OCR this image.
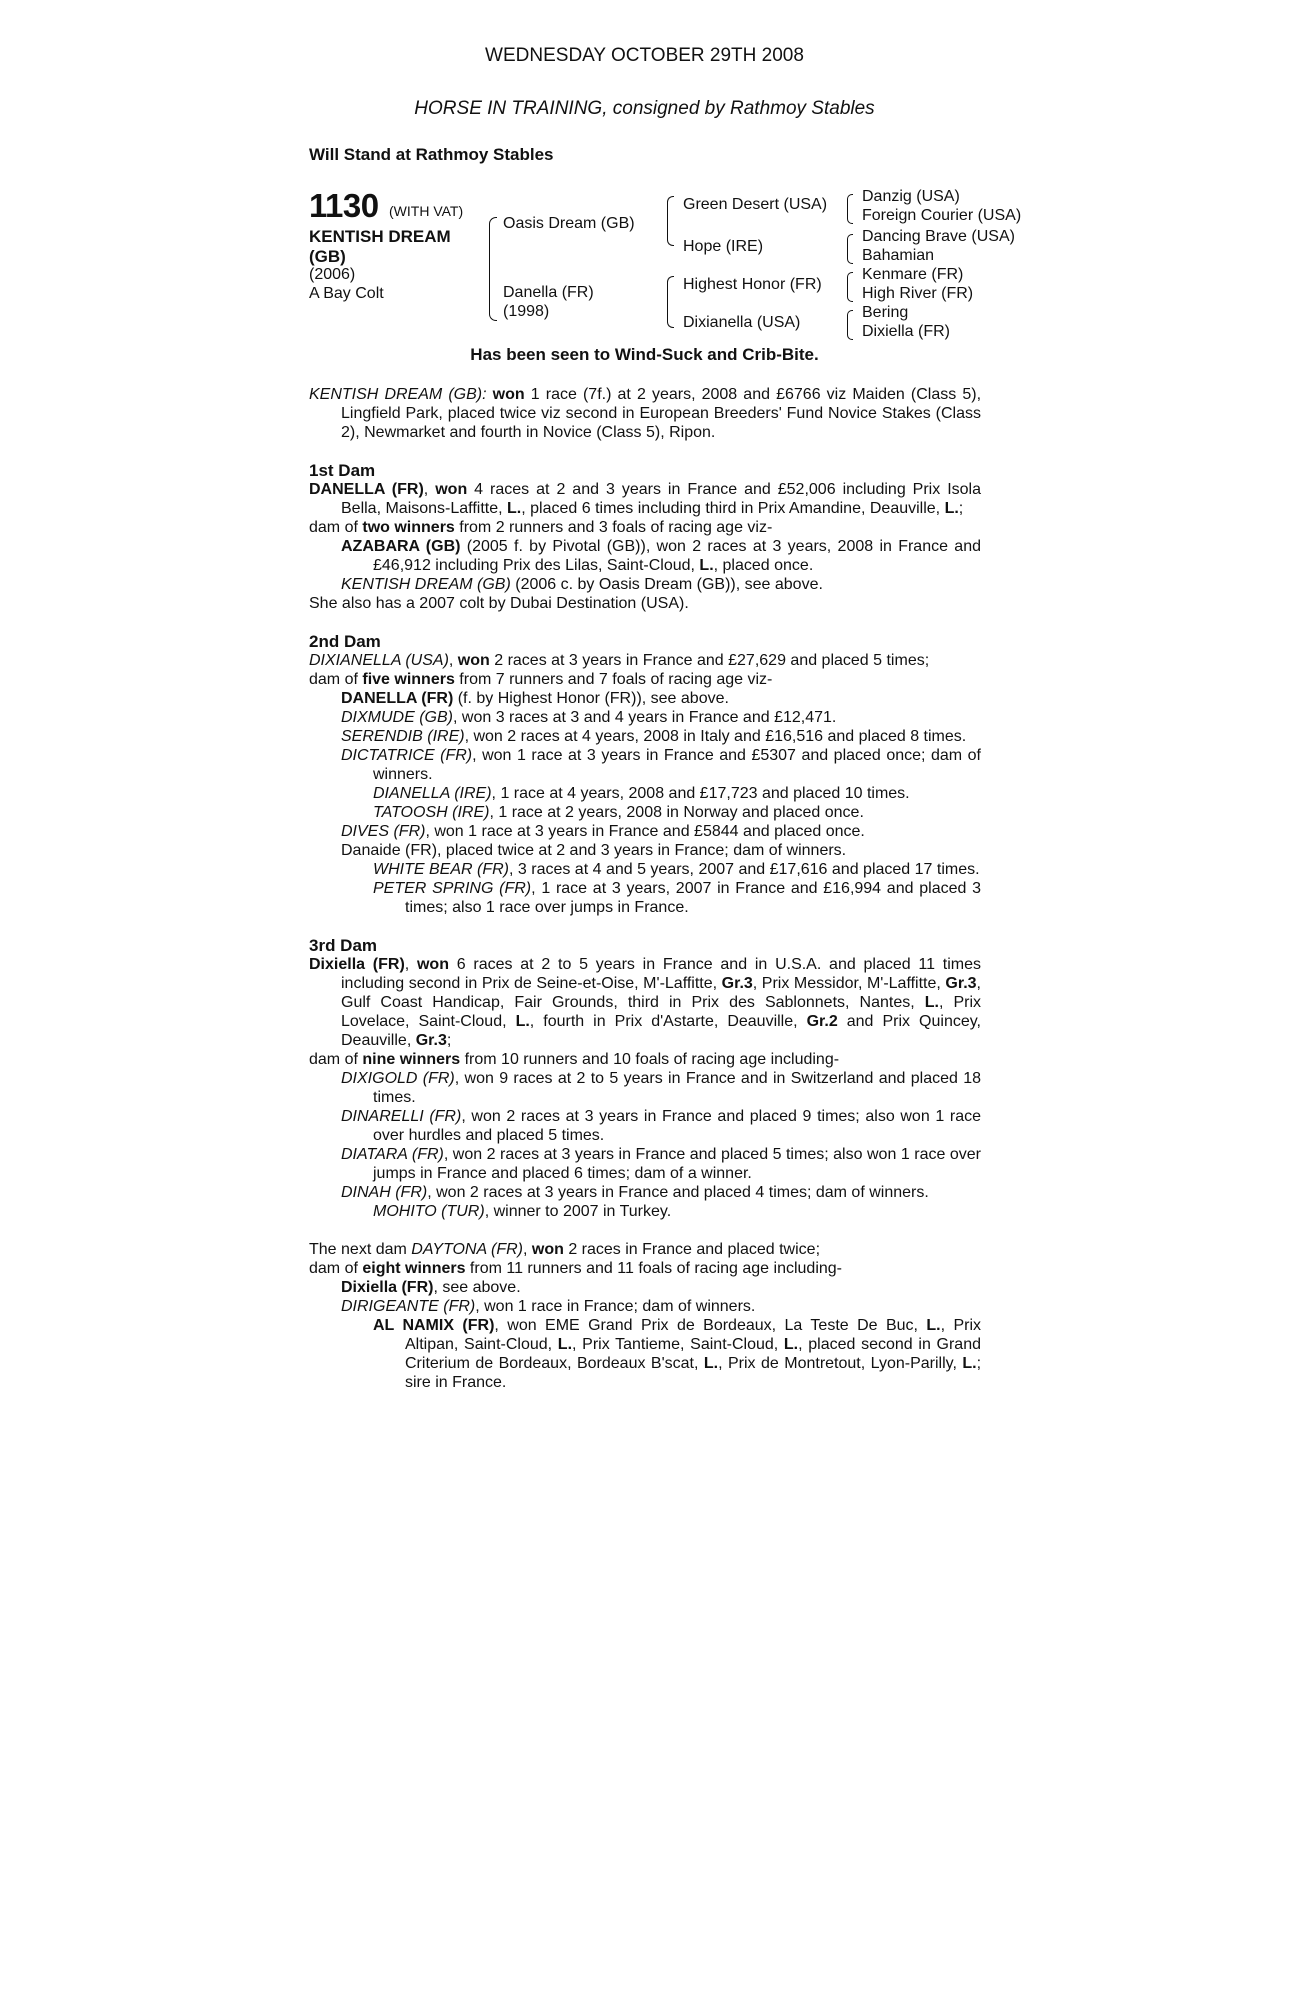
WEDNESDAY OCTOBER 29TH 2008
HORSE IN TRAINING, consigned by Rathmoy Stables
Will Stand at Rathmoy Stables
1130 (WITH VAT)
KENTISH DREAM
(GB)
(2006)
A Bay Colt
Oasis Dream (GB)
Danella (FR)
(1998)
Green Desert (USA)
Hope (IRE)
Highest Honor (FR)
Dixianella (USA)
Danzig (USA)
Foreign Courier (USA)
Dancing Brave (USA)
Bahamian
Kenmare (FR)
High River (FR)
Bering
Dixiella (FR)
Has been seen to Wind-Suck and Crib-Bite.

KENTISH DREAM (GB): won 1 race (7f.) at 2 years, 2008 and £6766 viz Maiden (Class 5), Lingfield Park, placed twice viz second in European Breeders' Fund Novice Stakes (Class 2), Newmarket and fourth in Novice (Class 5), Ripon.

1st Dam

DANELLA (FR), won 4 races at 2 and 3 years in France and £52,006 including Prix Isola Bella, Maisons-Laffitte, L., placed 6 times including third in Prix Amandine, Deauville, L.;

dam of two winners from 2 runners and 3 foals of racing age viz-

AZABARA (GB) (2005 f. by Pivotal (GB)), won 2 races at 3 years, 2008 in France and £46,912 including Prix des Lilas, Saint-Cloud, L., placed once.

KENTISH DREAM (GB) (2006 c. by Oasis Dream (GB)), see above.

She also has a 2007 colt by Dubai Destination (USA).

2nd Dam

DIXIANELLA (USA), won 2 races at 3 years in France and £27,629 and placed 5 times;

dam of five winners from 7 runners and 7 foals of racing age viz-

DANELLA (FR) (f. by Highest Honor (FR)), see above.

DIXMUDE (GB), won 3 races at 3 and 4 years in France and £12,471.

SERENDIB (IRE), won 2 races at 4 years, 2008 in Italy and £16,516 and placed 8 times.

DICTATRICE (FR), won 1 race at 3 years in France and £5307 and placed once; dam of winners.

DIANELLA (IRE), 1 race at 4 years, 2008 and £17,723 and placed 10 times.

TATOOSH (IRE), 1 race at 2 years, 2008 in Norway and placed once.

DIVES (FR), won 1 race at 3 years in France and £5844 and placed once.

Danaide (FR), placed twice at 2 and 3 years in France; dam of winners.

WHITE BEAR (FR), 3 races at 4 and 5 years, 2007 and £17,616 and placed 17 times.

PETER SPRING (FR), 1 race at 3 years, 2007 in France and £16,994 and placed 3 times; also 1 race over jumps in France.

3rd Dam

Dixiella (FR), won 6 races at 2 to 5 years in France and in U.S.A. and placed 11 times including second in Prix de Seine-et-Oise, M'-Laffitte, Gr.3, Prix Messidor, M'-Laffitte, Gr.3, Gulf Coast Handicap, Fair Grounds, third in Prix des Sablonnets, Nantes, L., Prix Lovelace, Saint-Cloud, L., fourth in Prix d'Astarte, Deauville, Gr.2 and Prix Quincey, Deauville, Gr.3;

dam of nine winners from 10 runners and 10 foals of racing age including-

DIXIGOLD (FR), won 9 races at 2 to 5 years in France and in Switzerland and placed 18 times.

DINARELLI (FR), won 2 races at 3 years in France and placed 9 times; also won 1 race over hurdles and placed 5 times.

DIATARA (FR), won 2 races at 3 years in France and placed 5 times; also won 1 race over jumps in France and placed 6 times; dam of a winner.

DINAH (FR), won 2 races at 3 years in France and placed 4 times; dam of winners.

MOHITO (TUR), winner to 2007 in Turkey.

The next dam DAYTONA (FR), won 2 races in France and placed twice;

dam of eight winners from 11 runners and 11 foals of racing age including-

Dixiella (FR), see above.

DIRIGEANTE (FR), won 1 race in France; dam of winners.

AL NAMIX (FR), won EME Grand Prix de Bordeaux, La Teste De Buc, L., Prix Altipan, Saint-Cloud, L., Prix Tantieme, Saint-Cloud, L., placed second in Grand Criterium de Bordeaux, Bordeaux B'scat, L., Prix de Montretout, Lyon-Parilly, L.; sire in France.
